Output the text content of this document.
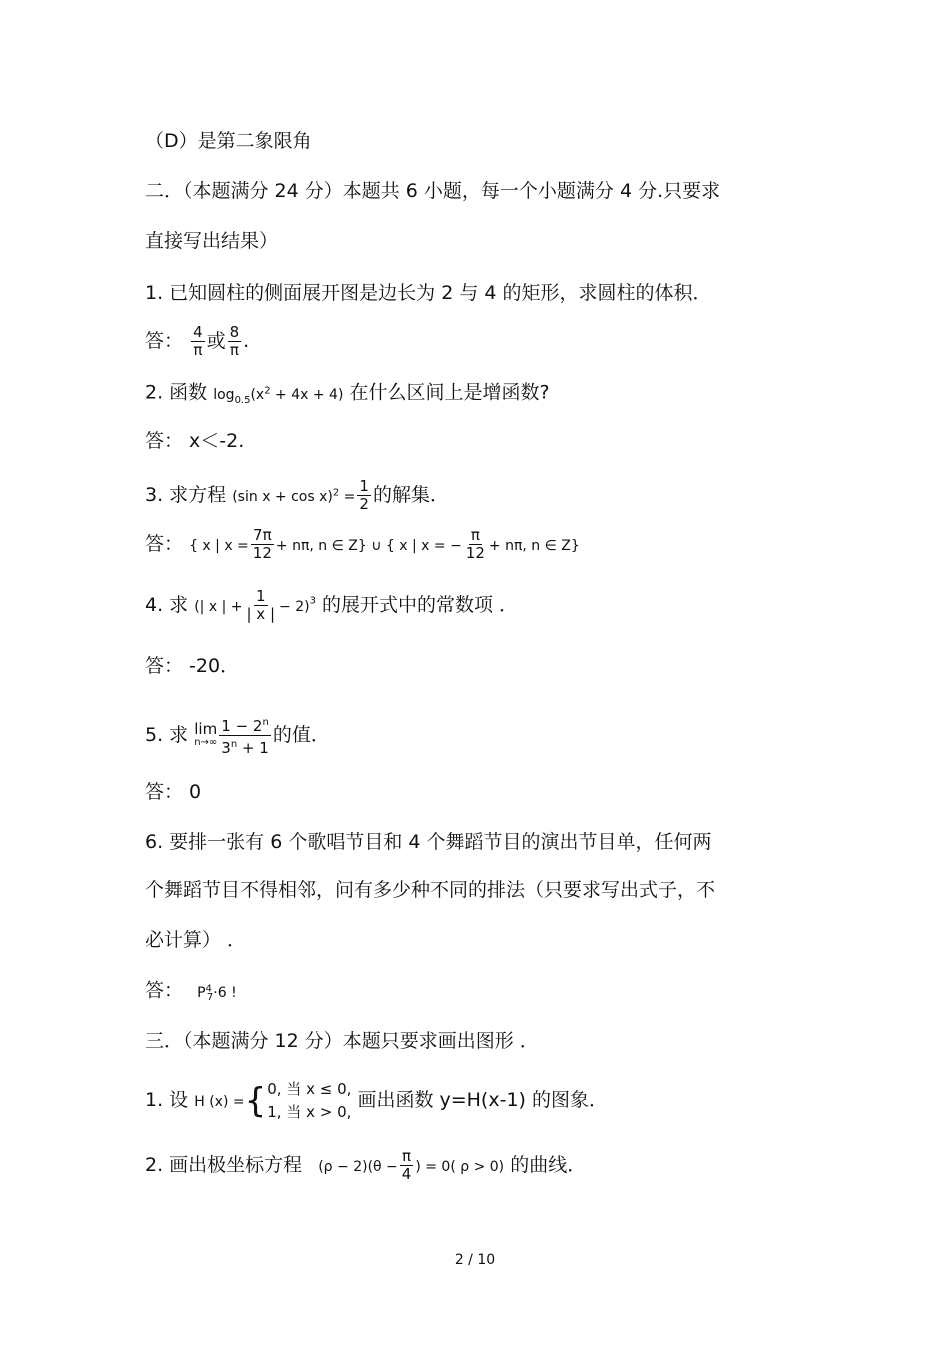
（D）是第二象限角
二．（本题满分 24 分）本题共 6 小题，每一个小题满分 4 分.只要求
直接写出结果）
1. 已知圆柱的侧面展开图是边长为 2 与 4 的矩形，求圆柱的体积．
答： $\frac{4}{\pi}$ 或 $\frac{8}{\pi}$ .
2. 函数 $\log_{0.5}(x^2 + 4x + 4)$ 在什么区间上是增函数?
答： x＜-2.
3. 求方程 (sin $x + \cos x)^2 = \frac{1}{2}$ 的解集．
答： { x | $x = \frac{7\pi}{12} + n\pi$, n ∈ Z} ∪ { x | x = − $\frac{\pi}{12} + n\pi$, n ∈ Z}
4. 求 (| x | + $\frac{1}{| x |} - 2)^3$ 的展开式中的常数项 ．
答： -20．
5. 求 lim
$n\to\infty \frac{1 - 2^n}{3^n + 1}$ 的值．
答： 0
6. 要排一张有 6 个歌唱节目和 4 个舞蹈节目的演出节目单，任何两
个舞蹈节目不得相邻，问有多少种不同的排法（只要求写出式子，不
必计算） ．
答： $P^4_7\cdot 6$ !
三．（本题满分 12 分）本题只要求画出图形 ．
1. 设 H (x) ={ 0, 当 x ≤ 0,
1, 当 x > 0,
画出函数 y=H(x-1) 的图象．
2. 画出极坐标方程 $(\rho - 2)(\theta - \frac{\pi}{4}$ ) = 0( ρ > 0) 的曲线．
2 / 10
